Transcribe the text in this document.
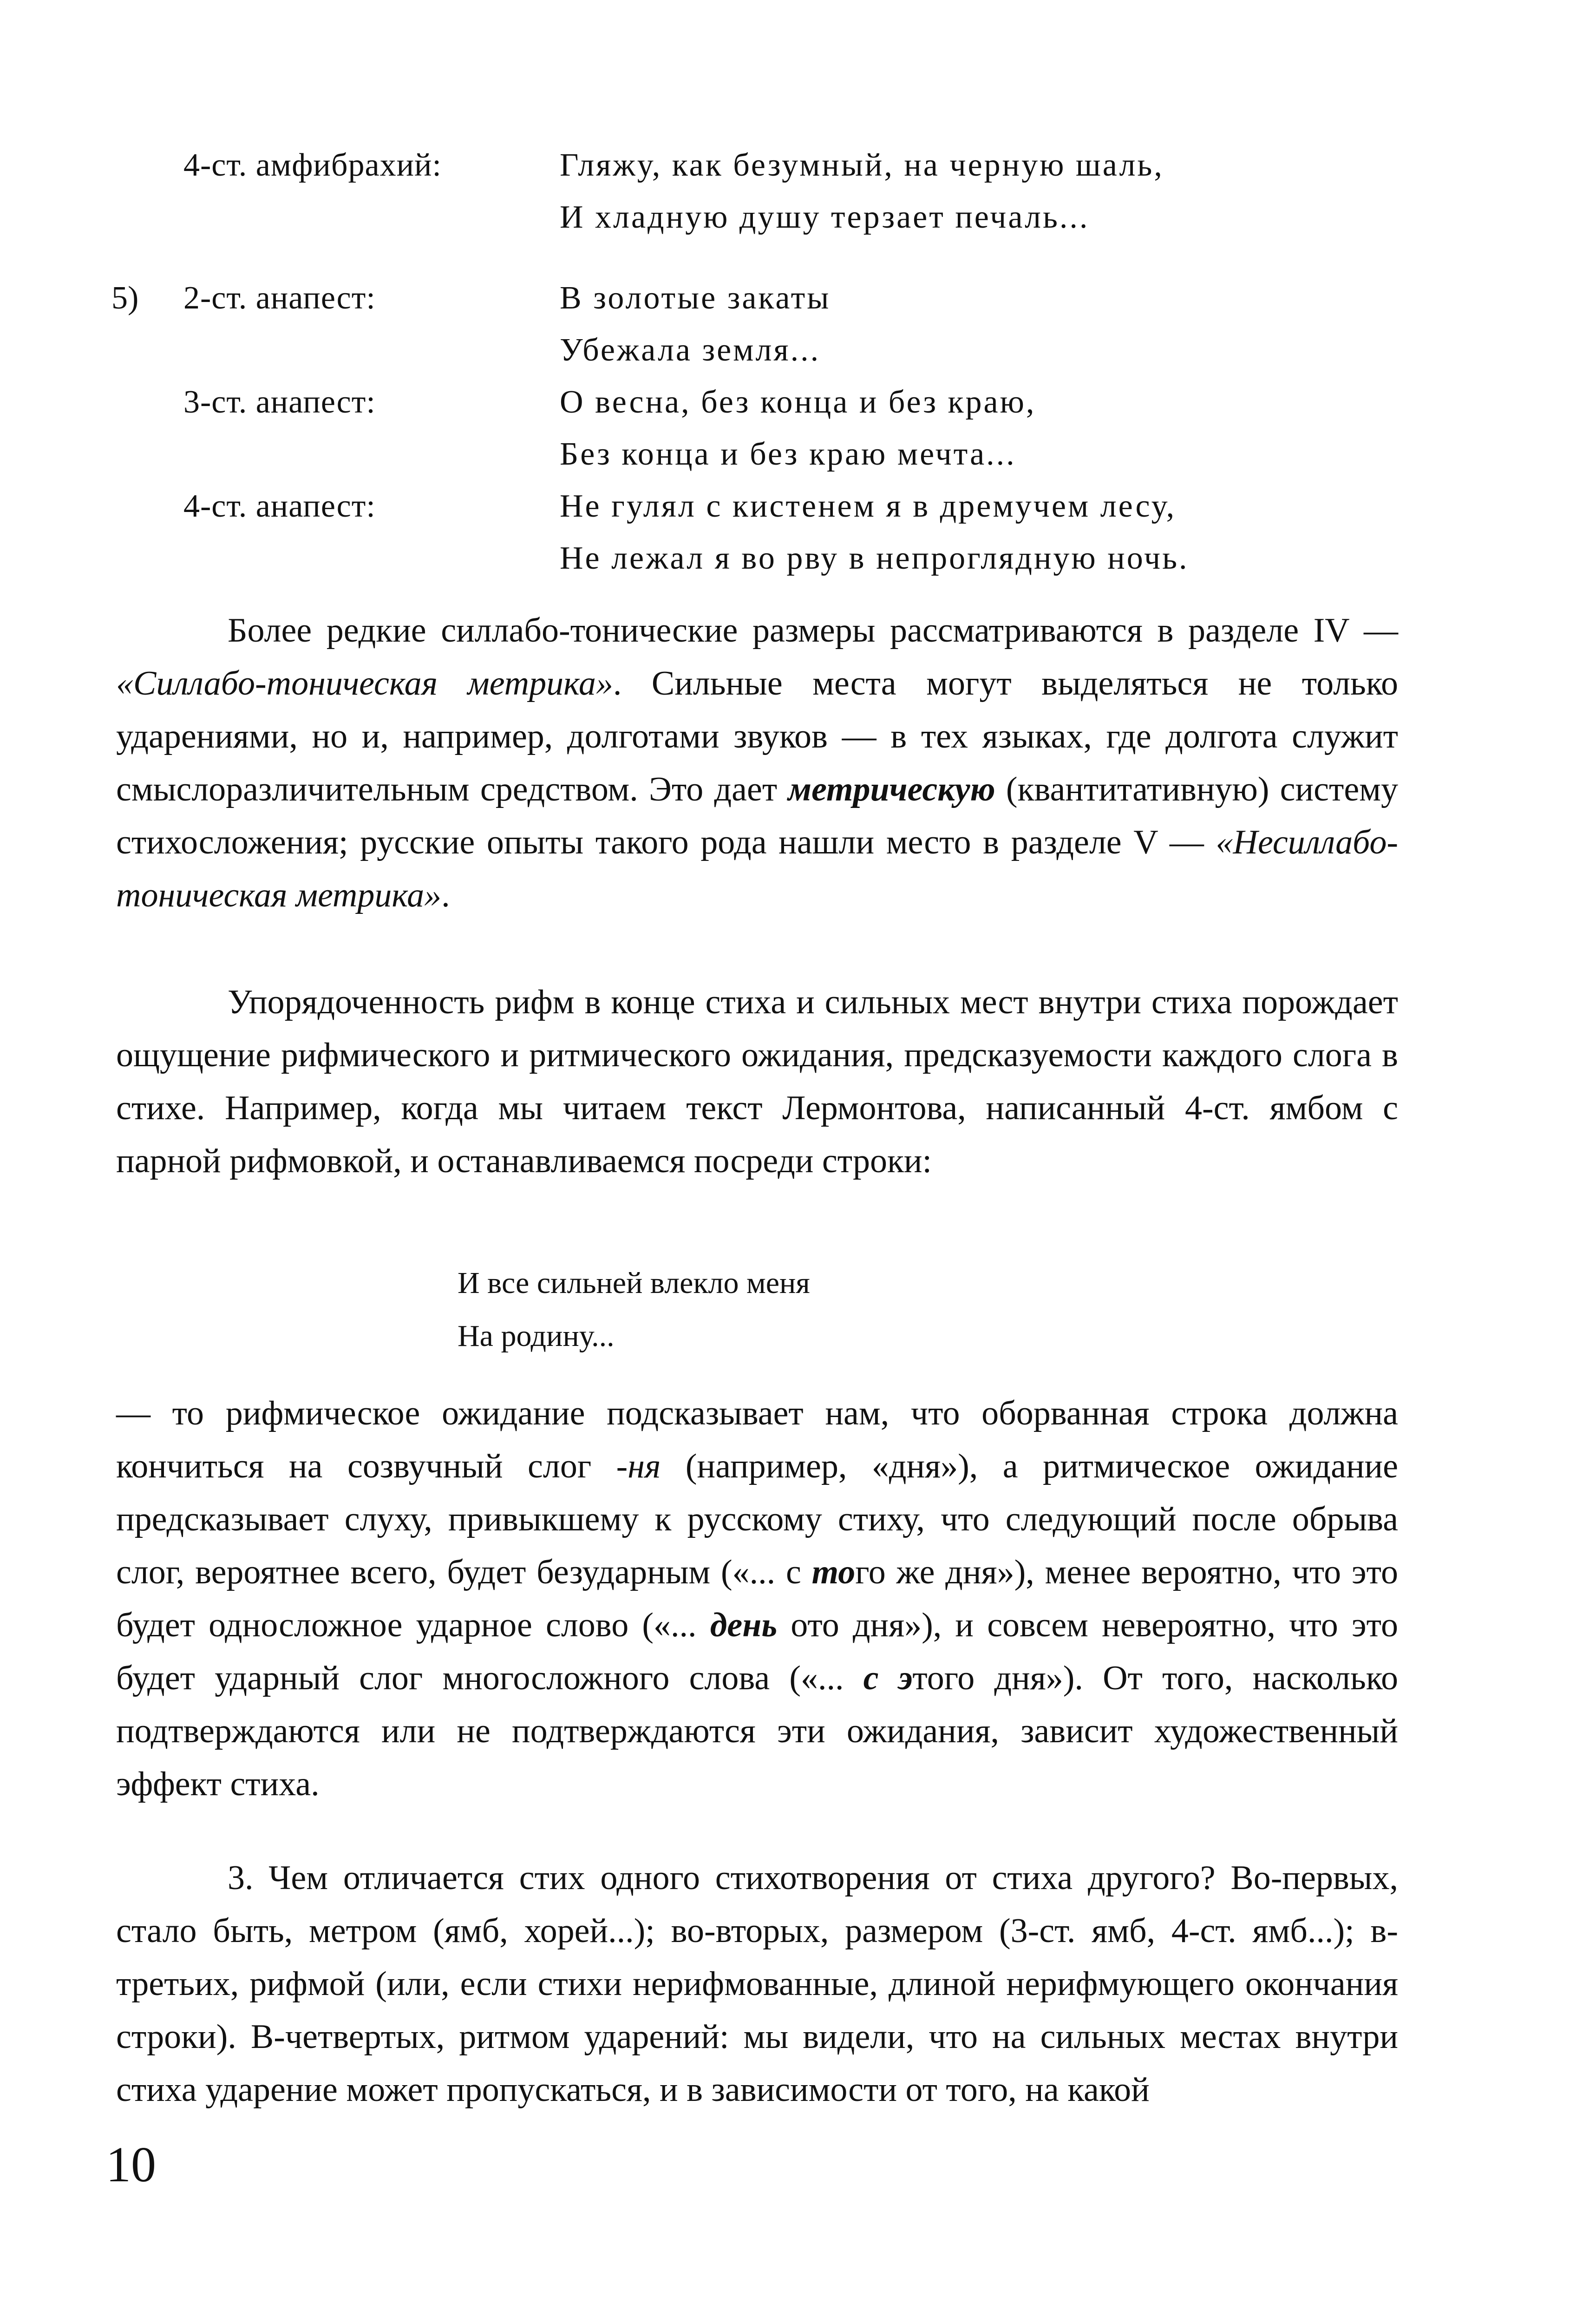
4-ст. амфибрахий:	Гляжу, как безумный, на черную шаль,
И хладную душу терзает печаль...
5)	2-ст. анапест:	В золотые закаты
Убежала земля...
3-ст. анапест:	О весна, без конца и без краю,
Без конца и без краю мечта...
4-ст. анапест:	Не гулял с кистенем я в дремучем лесу,
Не лежал я во рву в непроглядную ночь.
Более редкие силлабо-тонические размеры рассматриваются в разделе IV — «Силлабо-тоническая метрика». Сильные места могут выделяться не только ударениями, но и, например, долготами звуков — в тех языках, где долгота служит смыслоразличительным средством. Это дает метрическую (квантитативную) систему стихосложения; русские опыты такого рода нашли место в разделе V — «Несиллабо-тоническая метрика».
Упорядоченность рифм в конце стиха и сильных мест внутри стиха порождает ощущение рифмического и ритмического ожидания, предсказуемости каждого слога в стихе. Например, когда мы читаем текст Лермонтова, написанный 4-ст. ямбом с парной рифмовкой, и останавливаемся посреди строки:
И все сильней влекло меня
На родину...
— то рифмическое ожидание подсказывает нам, что оборванная строка должна кончиться на созвучный слог -ня (например, «дня»), а ритмическое ожидание предсказывает слуху, привыкшему к русскому стиху, что следующий после обрыва слог, вероятнее всего, будет безударным («... с того же дня»), менее вероятно, что это будет односложное ударное слово («... день ото дня»), и совсем невероятно, что это будет ударный слог многосложного слова («... с этого дня»). От того, насколько подтверждаются или не подтверждаются эти ожидания, зависит художественный эффект стиха.
3. Чем отличается стих одного стихотворения от стиха другого? Во-первых, стало быть, метром (ямб, хорей...); во-вторых, размером (3-ст. ямб, 4-ст. ямб...); в-третьих, рифмой (или, если стихи нерифмованные, длиной нерифмующего окончания строки). В-четвертых, ритмом ударений: мы видели, что на сильных местах внутри стиха ударение может пропускаться, и в зависимости от того, на какой
10
